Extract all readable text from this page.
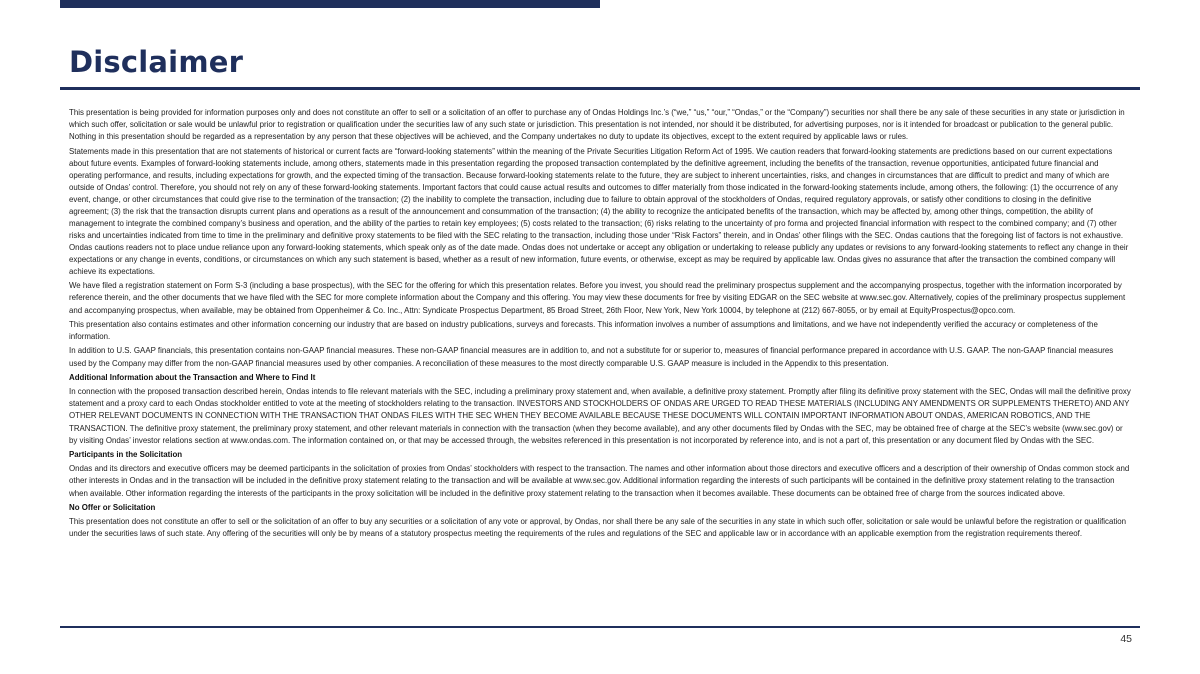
Disclaimer

This presentation is being provided for information purposes only and does not constitute an offer to sell or a solicitation of an offer to purchase any of Ondas Holdings Inc.’s (“we,” “us,” “our,” “Ondas,” or the “Company”) securities nor shall there be any sale of these securities in any state or jurisdiction in which such offer, solicitation or sale would be unlawful prior to registration or qualification under the securities law of any such state or jurisdiction. This presentation is not intended, nor should it be distributed, for advertising purposes, nor is it intended for broadcast or publication to the general public. Nothing in this presentation should be regarded as a representation by any person that these objectives will be achieved, and the Company undertakes no duty to update its objectives, except to the extent required by applicable laws or rules.

Statements made in this presentation that are not statements of historical or current facts are “forward-looking statements” within the meaning of the Private Securities Litigation Reform Act of 1995. We caution readers that forward-looking statements are predictions based on our current expectations about future events. Examples of forward-looking statements include, among others, statements made in this presentation regarding the proposed transaction contemplated by the definitive agreement, including the benefits of the transaction, revenue opportunities, anticipated future financial and operating performance, and results, including expectations for growth, and the expected timing of the transaction. Because forward-looking statements relate to the future, they are subject to inherent uncertainties, risks, and changes in circumstances that are difficult to predict and many of which are outside of Ondas’ control. Therefore, you should not rely on any of these forward-looking statements. Important factors that could cause actual results and outcomes to differ materially from those indicated in the forward-looking statements include, among others, the following: (1) the occurrence of any event, change, or other circumstances that could give rise to the termination of the transaction; (2) the inability to complete the transaction, including due to failure to obtain approval of the stockholders of Ondas, required regulatory approvals, or satisfy other conditions to closing in the definitive agreement; (3) the risk that the transaction disrupts current plans and operations as a result of the announcement and consummation of the transaction; (4) the ability to recognize the anticipated benefits of the transaction, which may be affected by, among other things, competition, the ability of management to integrate the combined company’s business and operation, and the ability of the parties to retain key employees; (5) costs related to the transaction; (6) risks relating to the uncertainty of pro forma and projected financial information with respect to the combined company; and (7) other risks and uncertainties indicated from time to time in the preliminary and definitive proxy statements to be filed with the SEC relating to the transaction, including those under “Risk Factors” therein, and in Ondas’ other filings with the SEC. Ondas cautions that the foregoing list of factors is not exhaustive. Ondas cautions readers not to place undue reliance upon any forward-looking statements, which speak only as of the date made. Ondas does not undertake or accept any obligation or undertaking to release publicly any updates or revisions to any forward-looking statements to reflect any change in their expectations or any change in events, conditions, or circumstances on which any such statement is based, whether as a result of new information, future events, or otherwise, except as may be required by applicable law. Ondas gives no assurance that after the transaction the combined company will achieve its expectations.

We have filed a registration statement on Form S-3 (including a base prospectus), with the SEC for the offering for which this presentation relates. Before you invest, you should read the preliminary prospectus supplement and the accompanying prospectus, together with the information incorporated by reference therein, and the other documents that we have filed with the SEC for more complete information about the Company and this offering. You may view these documents for free by visiting EDGAR on the SEC website at www.sec.gov. Alternatively, copies of the preliminary prospectus supplement and accompanying prospectus, when available, may be obtained from Oppenheimer & Co. Inc., Attn: Syndicate Prospectus Department, 85 Broad Street, 26th Floor, New York, New York 10004, by telephone at (212) 667-8055, or by email at EquityProspectus@opco.com.

This presentation also contains estimates and other information concerning our industry that are based on industry publications, surveys and forecasts. This information involves a number of assumptions and limitations, and we have not independently verified the accuracy or completeness of the information.

In addition to U.S. GAAP financials, this presentation contains non-GAAP financial measures. These non-GAAP financial measures are in addition to, and not a substitute for or superior to, measures of financial performance prepared in accordance with U.S. GAAP. The non-GAAP financial measures used by the Company may differ from the non-GAAP financial measures used by other companies. A reconciliation of these measures to the most directly comparable U.S. GAAP measure is included in the Appendix to this presentation.

Additional Information about the Transaction and Where to Find It

In connection with the proposed transaction described herein, Ondas intends to file relevant materials with the SEC, including a preliminary proxy statement and, when available, a definitive proxy statement. Promptly after filing its definitive proxy statement with the SEC, Ondas will mail the definitive proxy statement and a proxy card to each Ondas stockholder entitled to vote at the meeting of stockholders relating to the transaction. INVESTORS AND STOCKHOLDERS OF ONDAS ARE URGED TO READ THESE MATERIALS (INCLUDING ANY AMENDMENTS OR SUPPLEMENTS THERETO) AND ANY OTHER RELEVANT DOCUMENTS IN CONNECTION WITH THE TRANSACTION THAT ONDAS FILES WITH THE SEC WHEN THEY BECOME AVAILABLE BECAUSE THESE DOCUMENTS WILL CONTAIN IMPORTANT INFORMATION ABOUT ONDAS, AMERICAN ROBOTICS, AND THE TRANSACTION. The definitive proxy statement, the preliminary proxy statement, and other relevant materials in connection with the transaction (when they become available), and any other documents filed by Ondas with the SEC, may be obtained free of charge at the SEC’s website (www.sec.gov) or by visiting Ondas’ investor relations section at www.ondas.com. The information contained on, or that may be accessed through, the websites referenced in this presentation is not incorporated by reference into, and is not a part of, this presentation or any document filed by Ondas with the SEC.

Participants in the Solicitation

Ondas and its directors and executive officers may be deemed participants in the solicitation of proxies from Ondas’ stockholders with respect to the transaction. The names and other information about those directors and executive officers and a description of their ownership of Ondas common stock and other interests in Ondas and in the transaction will be included in the definitive proxy statement relating to the transaction and will be available at www.sec.gov. Additional information regarding the interests of such participants will be contained in the definitive proxy statement relating to the transaction when available. Other information regarding the interests of the participants in the proxy solicitation will be included in the definitive proxy statement relating to the transaction when it becomes available. These documents can be obtained free of charge from the sources indicated above.

No Offer or Solicitation

This presentation does not constitute an offer to sell or the solicitation of an offer to buy any securities or a solicitation of any vote or approval, by Ondas, nor shall there be any sale of the securities in any state in which such offer, solicitation or sale would be unlawful before the registration or qualification under the securities laws of such state. Any offering of the securities will only be by means of a statutory prospectus meeting the requirements of the rules and regulations of the SEC and applicable law or in accordance with an applicable exemption from the registration requirements thereof.

45
